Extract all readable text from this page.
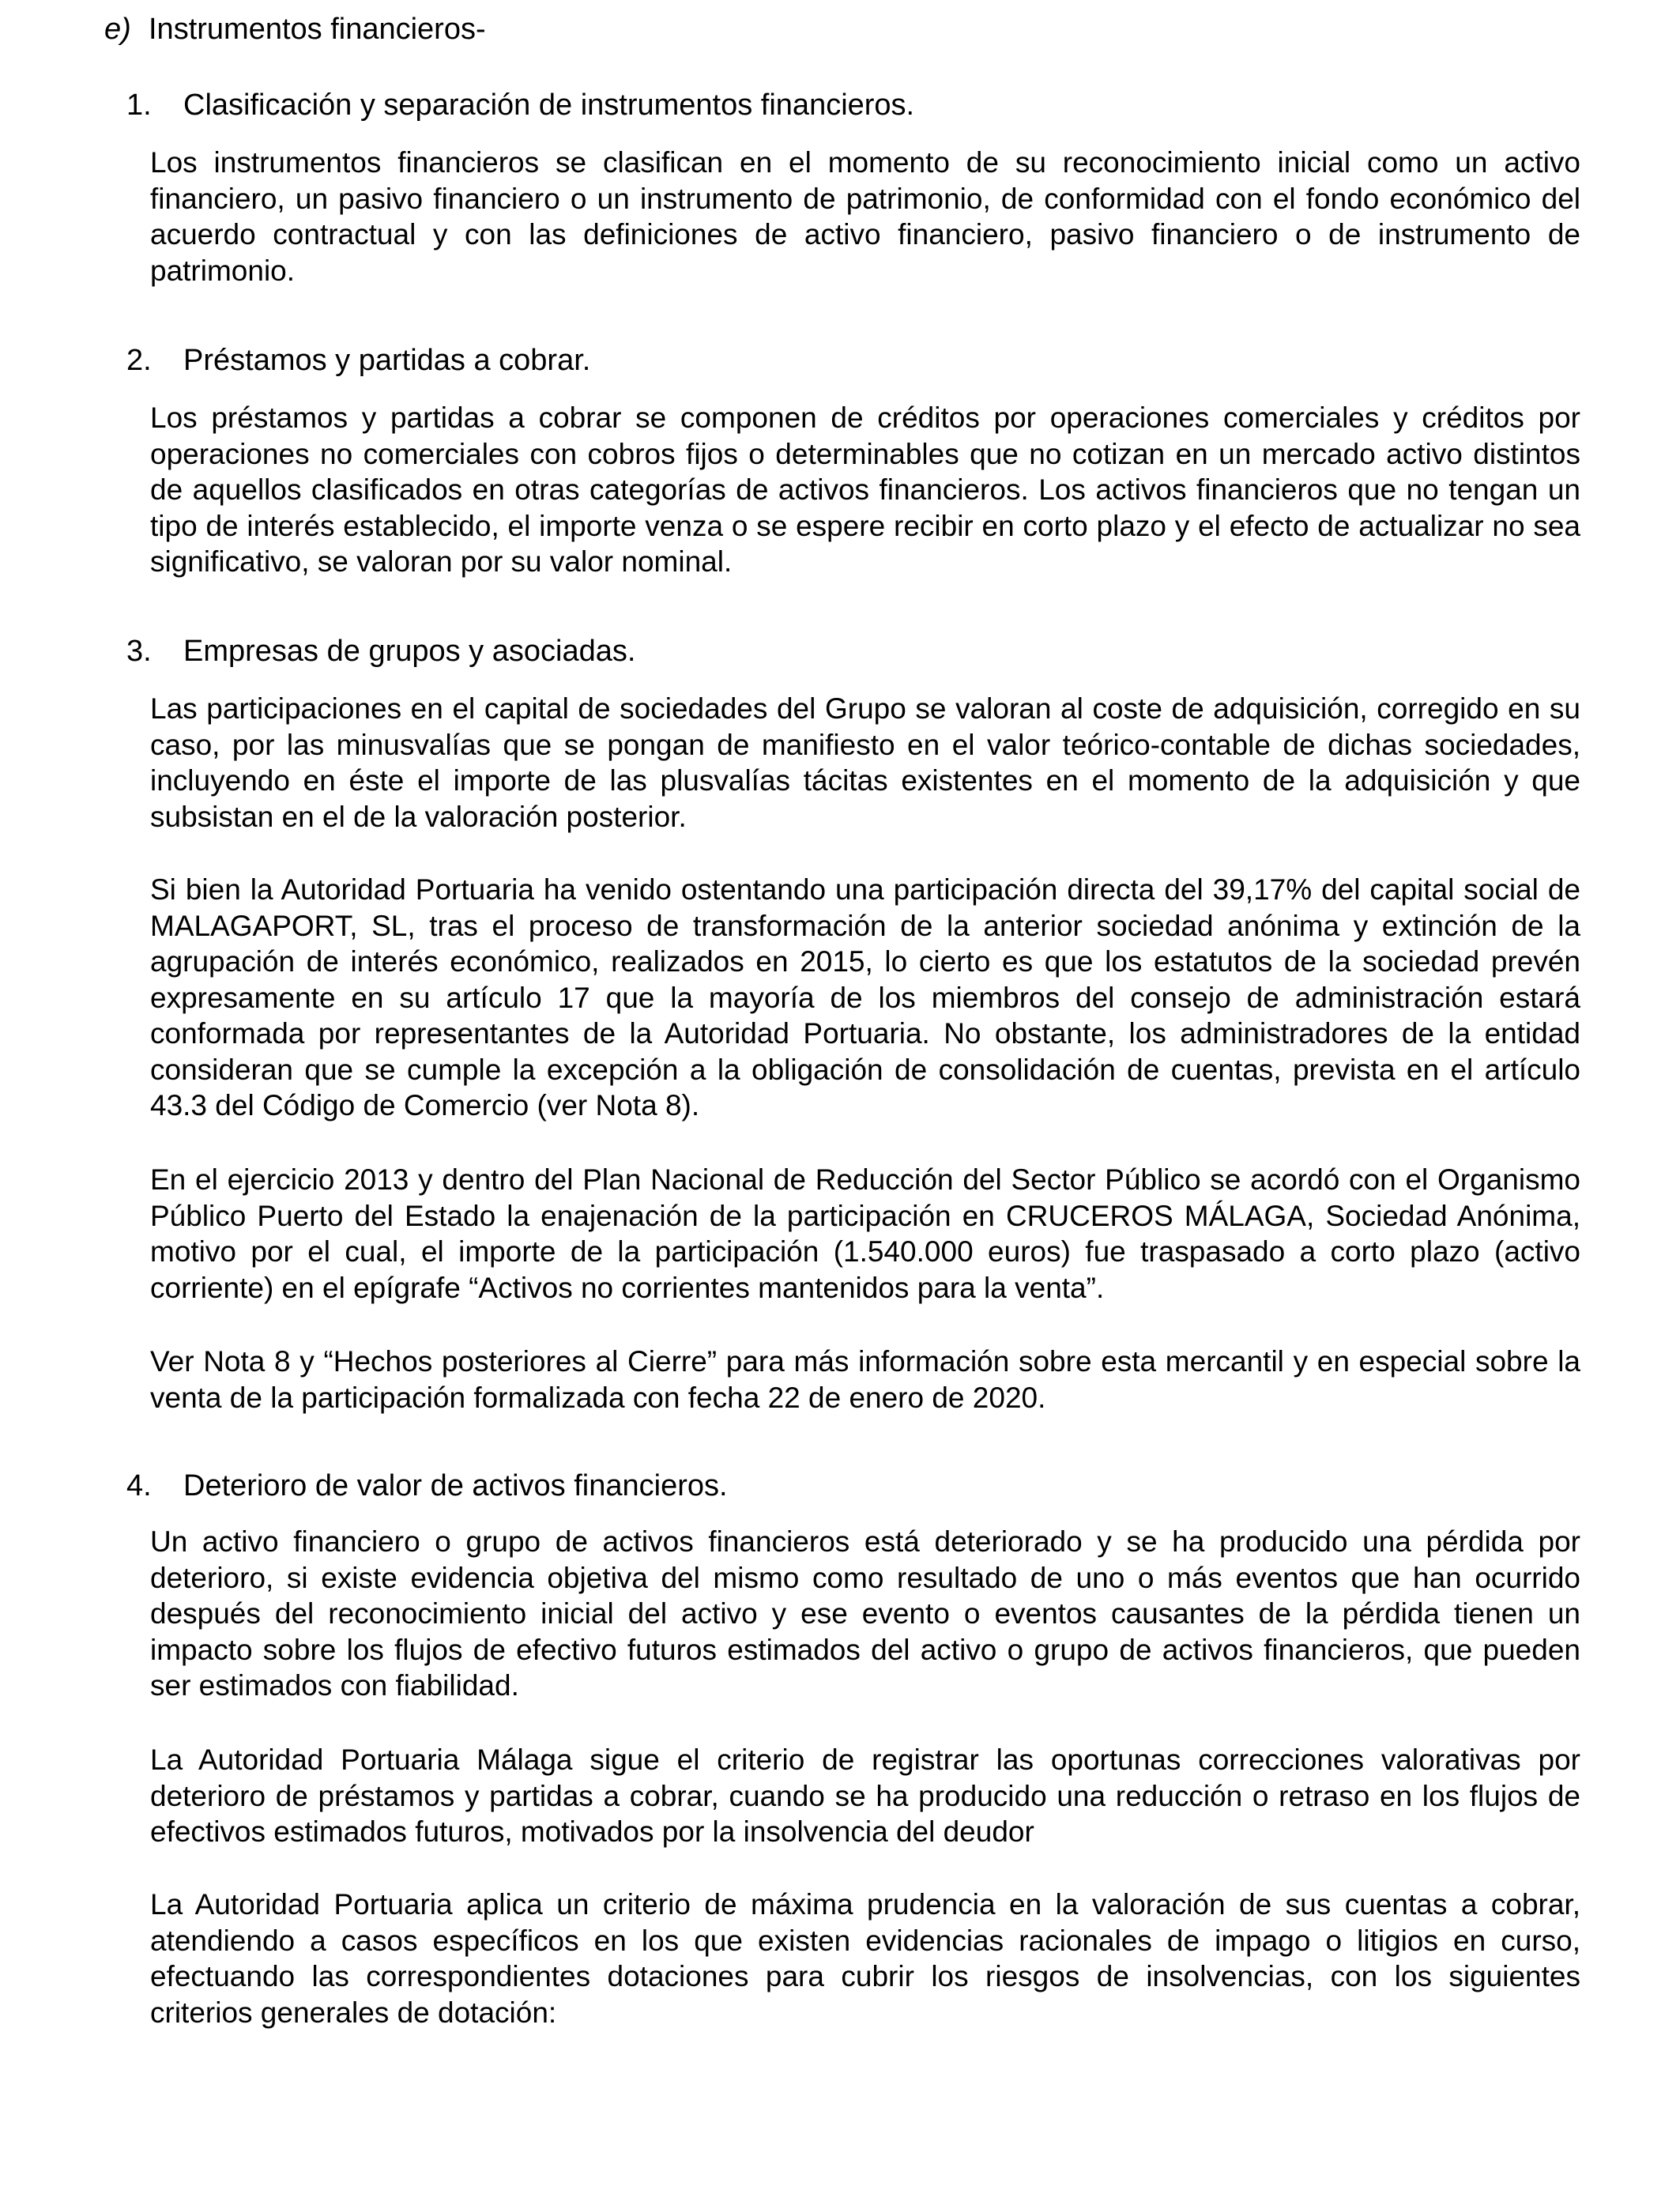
e) Instrumentos financieros-
1. Clasificación y separación de instrumentos financieros.

Los instrumentos financieros se clasifican en el momento de su reconocimiento inicial como un activo financiero, un pasivo financiero o un instrumento de patrimonio, de conformidad con el fondo económico del acuerdo contractual y con las definiciones de activo financiero, pasivo financiero o de instrumento de patrimonio.

2. Préstamos y partidas a cobrar.

Los préstamos y partidas a cobrar se componen de créditos por operaciones comerciales y créditos por operaciones no comerciales con cobros fijos o determinables que no cotizan en un mercado activo distintos de aquellos clasificados en otras categorías de activos financieros. Los activos financieros que no tengan un tipo de interés establecido, el importe venza o se espere recibir en corto plazo y el efecto de actualizar no sea significativo, se valoran por su valor nominal.

3. Empresas de grupos y asociadas.

Las participaciones en el capital de sociedades del Grupo se valoran al coste de adquisición, corregido en su caso, por las minusvalías que se pongan de manifiesto en el valor teórico-contable de dichas sociedades, incluyendo en éste el importe de las plusvalías tácitas existentes en el momento de la adquisición y que subsistan en el de la valoración posterior.

Si bien la Autoridad Portuaria ha venido ostentando una participación directa del 39,17% del capital social de MALAGAPORT, SL, tras el proceso de transformación de la anterior sociedad anónima y extinción de la agrupación de interés económico, realizados en 2015, lo cierto es que los estatutos de la sociedad prevén expresamente en su artículo 17 que la mayoría de los miembros del consejo de administración estará conformada por representantes de la Autoridad Portuaria. No obstante, los administradores de la entidad consideran que se cumple la excepción a la obligación de consolidación de cuentas, prevista en el artículo 43.3 del Código de Comercio (ver Nota 8).

En el ejercicio 2013 y dentro del Plan Nacional de Reducción del Sector Público se acordó con el Organismo Público Puerto del Estado la enajenación de la participación en CRUCEROS MÁLAGA, Sociedad Anónima, motivo por el cual, el importe de la participación (1.540.000 euros) fue traspasado a corto plazo (activo corriente) en el epígrafe “Activos no corrientes mantenidos para la venta”.

Ver Nota 8 y “Hechos posteriores al Cierre” para más información sobre esta mercantil y en especial sobre la venta de la participación formalizada con fecha 22 de enero de 2020.

4. Deterioro de valor de activos financieros.

Un activo financiero o grupo de activos financieros está deteriorado y se ha producido una pérdida por deterioro, si existe evidencia objetiva del mismo como resultado de uno o más eventos que han ocurrido después del reconocimiento inicial del activo y ese evento o eventos causantes de la pérdida tienen un impacto sobre los flujos de efectivo futuros estimados del activo o grupo de activos financieros, que pueden ser estimados con fiabilidad.

La Autoridad Portuaria Málaga sigue el criterio de registrar las oportunas correcciones valorativas por deterioro de préstamos y partidas a cobrar, cuando se ha producido una reducción o retraso en los flujos de efectivos estimados futuros, motivados por la insolvencia del deudor

La Autoridad Portuaria aplica un criterio de máxima prudencia en la valoración de sus cuentas a cobrar, atendiendo a casos específicos en los que existen evidencias racionales de impago o litigios en curso, efectuando las correspondientes dotaciones para cubrir los riesgos de insolvencias, con los siguientes criterios generales de dotación:
